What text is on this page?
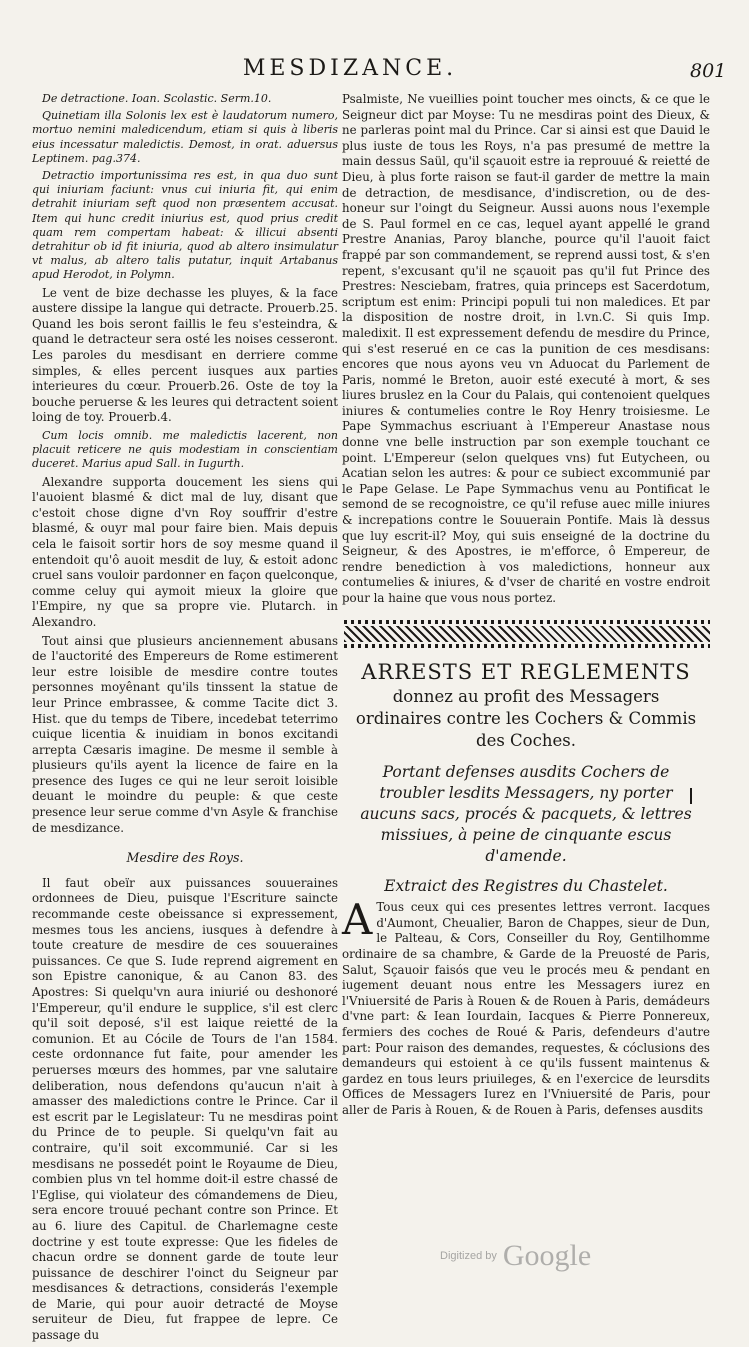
MESDIZANCE.	801

De detractione. Ioan. Scolastic. Serm.10.

Quinetiam illa Solonis lex est è laudatorum numero, mortuo nemini maledicendum, etiam si quis à liberis eius incessatur maledictis. Demost, in orat. aduersus Leptinem. pag.374.

Detractio importunissima res est, in qua duo sunt qui iniuriam faciunt: vnus cui iniuria fit, qui enim detrahit iniuriam seft quod non præsentem accusat. Item qui hunc credit iniurius est, quod prius credit quam rem compertam habeat: & illicui absenti detrahitur ob id fit iniuria, quod ab altero insimulatur vt malus, ab altero talis putatur, inquit Artabanus apud Herodot, in Polymn.

Le vent de bize dechasse les pluyes, & la face austere dissipe la langue qui detracte. Prouerb.25. Quand les bois seront faillis le feu s'esteindra, & quand le detracteur sera osté les noises cesseront. Les paroles du mesdisant en derriere comme simples, & elles percent iusques aux parties interieures du cœur. Prouerb.26. Oste de toy la bouche peruerse & les leures qui detractent soient loing de toy. Prouerb.4.

Cum locis omnib. me maledictis lacerent, non placuit reticere ne quis modestiam in conscientiam duceret. Marius apud Sall. in Iugurth.

Alexandre supporta doucement les siens qui l'auoient blasmé & dict mal de luy, disant que c'estoit chose digne d'vn Roy souffrir d'estre blasmé, & ouyr mal pour faire bien. Mais depuis cela le faisoit sortir hors de soy mesme quand il entendoit qu'ô auoit mesdit de luy, & estoit adonc cruel sans vouloir pardonner en façon quelconque, comme celuy qui aymoit mieux la gloire que l'Empire, ny que sa propre vie. Plutarch. in Alexandro.

Tout ainsi que plusieurs anciennement abusans de l'auctorité des Empereurs de Rome estimerent leur estre loisible de mesdire contre toutes personnes moyênant qu'ils tinssent la statue de leur Prince embrassee, & comme Tacite dict 3. Hist. que du temps de Tibere, incedebat teterrimo cuique licentia & inuidiam in bonos excitandi arrepta Cæsaris imagine. De mesme il semble à plusieurs qu'ils ayent la licence de faire en la presence des Iuges ce qui ne leur seroit loisible deuant le moindre du peuple: & que ceste presence leur serue comme d'vn Asyle & franchise de mesdizance.

Mesdire des Roys.

Il faut obeïr aux puissances souueraines ordonnees de Dieu, puisque l'Escriture saincte recommande ceste obeissance si expressement, mesmes tous les anciens, iusques à defendre à toute creature de mesdire de ces souueraines puissances. Ce que S. Iude reprend aigrement en son Epistre canonique, & au Canon 83. des Apostres: Si quelqu'vn aura iniurié ou deshonoré l'Empereur, qu'il endure le supplice, s'il est clerc qu'il soit deposé, s'il est laique reietté de la comunion. Et au Cócile de Tours de l'an 1584. ceste ordonnance fut faite, pour amender les peruerses mœurs des hommes, par vne salutaire deliberation, nous defendons qu'aucun n'ait à amasser des maledictions contre le Prince. Car il est escrit par le Legislateur: Tu ne mesdiras point du Prince de to peuple. Si quelqu'vn fait au contraire, qu'il soit excommunié. Car si les mesdisans ne possedét point le Royaume de Dieu, combien plus vn tel homme doit-il estre chassé de l'Eglise, qui violateur des cómandemens de Dieu, sera encore trouué pechant contre son Prince. Et au 6. liure des Capitul. de Charlemagne ceste doctrine y est toute expresse: Que les fideles de chacun ordre se donnent garde de toute leur puissance de deschirer l'oinct du Seigneur par mesdisances & detractions, considerás l'exemple de Marie, qui pour auoir detracté de Moyse seruiteur de Dieu, fut frappee de lepre. Ce passage du

Psalmiste, Ne vueillies point toucher mes oincts, & ce que le Seigneur dict par Moyse: Tu ne mesdiras point des Dieux, & ne parleras point mal du Prince. Car si ainsi est que Dauid le plus iuste de tous les Roys, n'a pas presumé de mettre la main dessus Saül, qu'il sçauoit estre ia reprouué & reietté de Dieu, à plus forte raison se faut-il garder de mettre la main de detraction, de mesdisance, d'indiscretion, ou de des-honeur sur l'oingt du Seigneur. Aussi auons nous l'exemple de S. Paul formel en ce cas, lequel ayant appellé le grand Prestre Ananias, Paroy blanche, pource qu'il l'auoit faict frappé par son commandement, se reprend aussi tost, & s'en repent, s'excusant qu'il ne sçauoit pas qu'il fut Prince des Prestres: Nesciebam, fratres, quia princeps est Sacerdotum, scriptum est enim: Principi populi tui non maledices. Et par la disposition de nostre droit, in l.vn.C. Si quis Imp. maledixit. Il est expressement defendu de mesdire du Prince, qui s'est reserué en ce cas la punition de ces mesdisans: encores que nous ayons veu vn Aduocat du Parlement de Paris, nommé le Breton, auoir esté executé à mort, & ses liures bruslez en la Cour du Palais, qui contenoient quelques iniures & contumelies contre le Roy Henry troisiesme. Le Pape Symmachus escriuant à l'Empereur Anastase nous donne vne belle instruction par son exemple touchant ce point. L'Empereur (selon quelques vns) fut Eutycheen, ou Acatian selon les autres: & pour ce subiect excommunié par le Pape Gelase. Le Pape Symmachus venu au Pontificat le semond de se recognoistre, ce qu'il refuse auec mille iniures & increpations contre le Souuerain Pontife. Mais là dessus que luy escrit-il? Moy, qui suis enseigné de la doctrine du Seigneur, & des Apostres, ie m'efforce, ô Empereur, de rendre benediction à vos maledictions, honneur aux contumelies & iniures, & d'vser de charité en vostre endroit pour la haine que vous nous portez.

ARRESTS ET REGLEMENTS
donnez au profit des Messagers ordinaires contre les Cochers & Commis des Coches.
Portant defenses ausdits Cochers de troubler lesdits Messagers, ny porter aucuns sacs, procés & pacquets, & lettres missiues, à peine de cinquante escus d'amende.
Extraict des Registres du Chastelet.

A Tous ceux qui ces presentes lettres verront. Iacques d'Aumont, Cheualier, Baron de Chappes, sieur de Dun, le Palteau, & Cors, Conseiller du Roy, Gentilhomme ordinaire de sa chambre, & Garde de la Preuosté de Paris, Salut, Sçauoir faisós que veu le procés meu & pendant en iugement deuant nous entre les Messagers iurez en l'Vniuersité de Paris à Rouen & de Rouen à Paris, demádeurs d'vne part: & Iean Iourdain, Iacques & Pierre Ponnereux, fermiers des coches de Roué & Paris, defendeurs d'autre part: Pour raison des demandes, requestes, & cóclusions des demandeurs qui estoient à ce qu'ils fussent maintenus & gardez en tous leurs priuileges, & en l'exercice de leursdits Offices de Messagers Iurez en l'Vniuersité de Paris, pour aller de Paris à Rouen, & de Rouen à Paris, defenses ausdits

Digitized by Google
